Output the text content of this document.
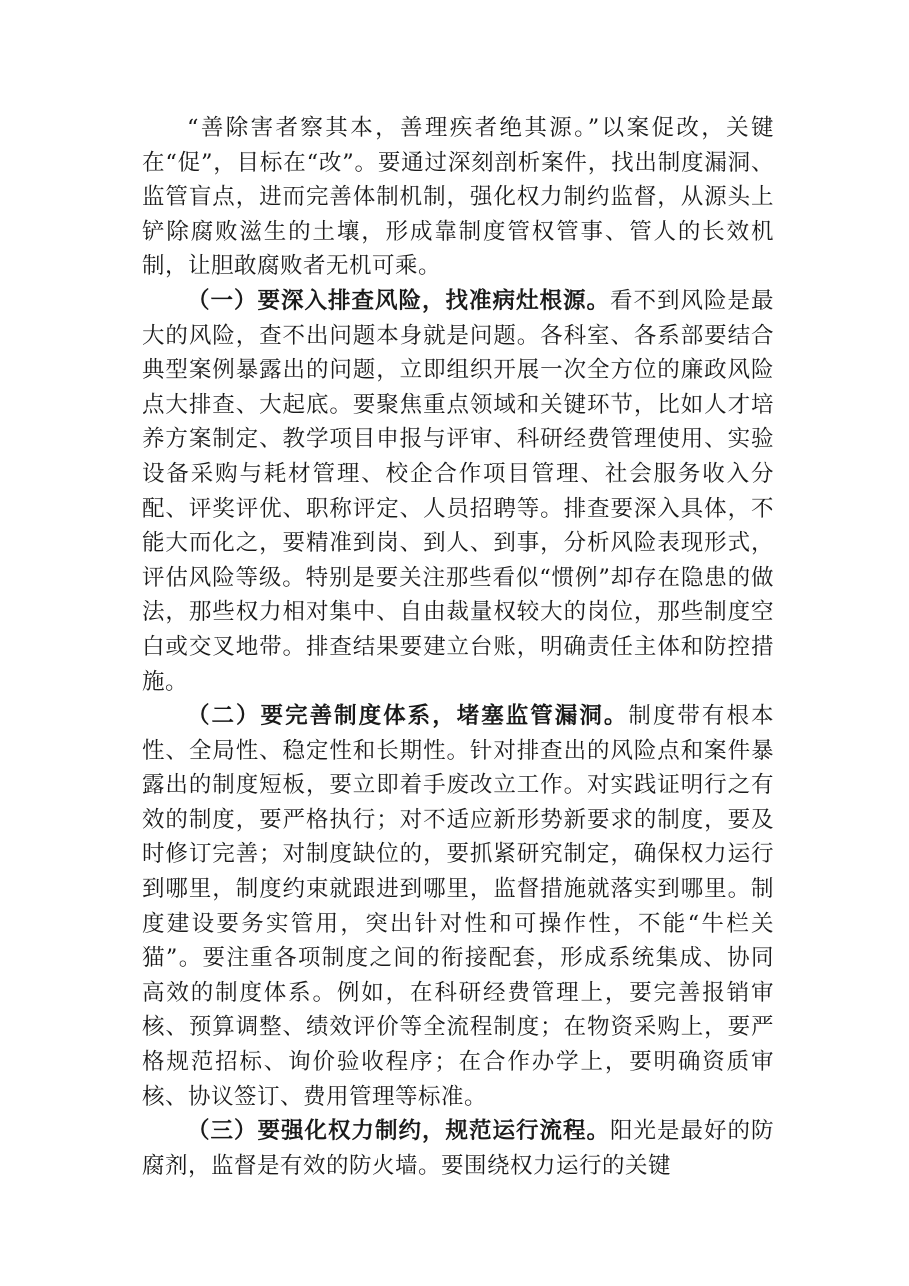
“善除害者察其本，善理疾者绝其源。”以案促改，关键在“促”，目标在“改”。要通过深刻剖析案件，找出制度漏洞、监管盲点，进而完善体制机制，强化权力制约监督，从源头上铲除腐败滋生的土壤，形成靠制度管权管事、管人的长效机制，让胆敢腐败者无机可乘。

（一）要深入排查风险，找准病灶根源。看不到风险是最大的风险，查不出问题本身就是问题。各科室、各系部要结合典型案例暴露出的问题，立即组织开展一次全方位的廉政风险点大排查、大起底。要聚焦重点领域和关键环节，比如人才培养方案制定、教学项目申报与评审、科研经费管理使用、实验设备采购与耗材管理、校企合作项目管理、社会服务收入分配、评奖评优、职称评定、人员招聘等。排查要深入具体，不能大而化之，要精准到岗、到人、到事，分析风险表现形式，评估风险等级。特别是要关注那些看似“惯例”却存在隐患的做法，那些权力相对集中、自由裁量权较大的岗位，那些制度空白或交叉地带。排查结果要建立台账，明确责任主体和防控措施。

（二）要完善制度体系，堵塞监管漏洞。制度带有根本性、全局性、稳定性和长期性。针对排查出的风险点和案件暴露出的制度短板，要立即着手废改立工作。对实践证明行之有效的制度，要严格执行；对不适应新形势新要求的制度，要及时修订完善；对制度缺位的，要抓紧研究制定，确保权力运行到哪里，制度约束就跟进到哪里，监督措施就落实到哪里。制度建设要务实管用，突出针对性和可操作性，不能“牛栏关猫”。要注重各项制度之间的衔接配套，形成系统集成、协同高效的制度体系。例如，在科研经费管理上，要完善报销审核、预算调整、绩效评价等全流程制度；在物资采购上，要严格规范招标、询价验收程序；在合作办学上，要明确资质审核、协议签订、费用管理等标准。

（三）要强化权力制约，规范运行流程。阳光是最好的防腐剂，监督是有效的防火墙。要围绕权力运行的关键
